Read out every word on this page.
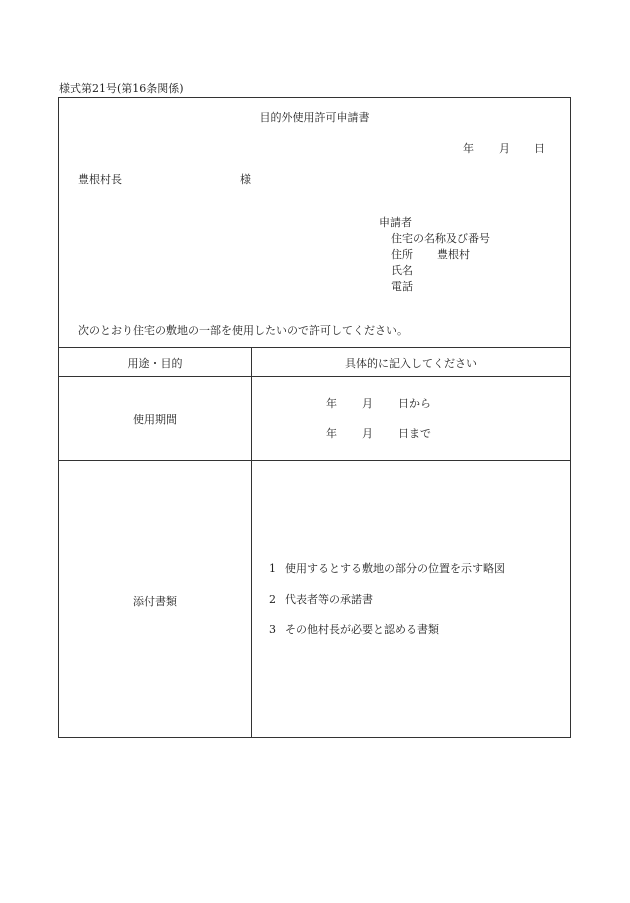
様式第21号(第16条関係)
目的外使用許可申請書
年 月 日
豊根村長	様
申請者
住宅の名称及び番号
住所 豊根村
氏名
電話
次のとおり住宅の敷地の一部を使用したいので許可してください。
用途・目的	具体的に記入してください
使用期間
年 月 日から
年 月 日まで
添付書類
1 使用するとする敷地の部分の位置を示す略図
2 代表者等の承諾書
3 その他村長が必要と認める書類
